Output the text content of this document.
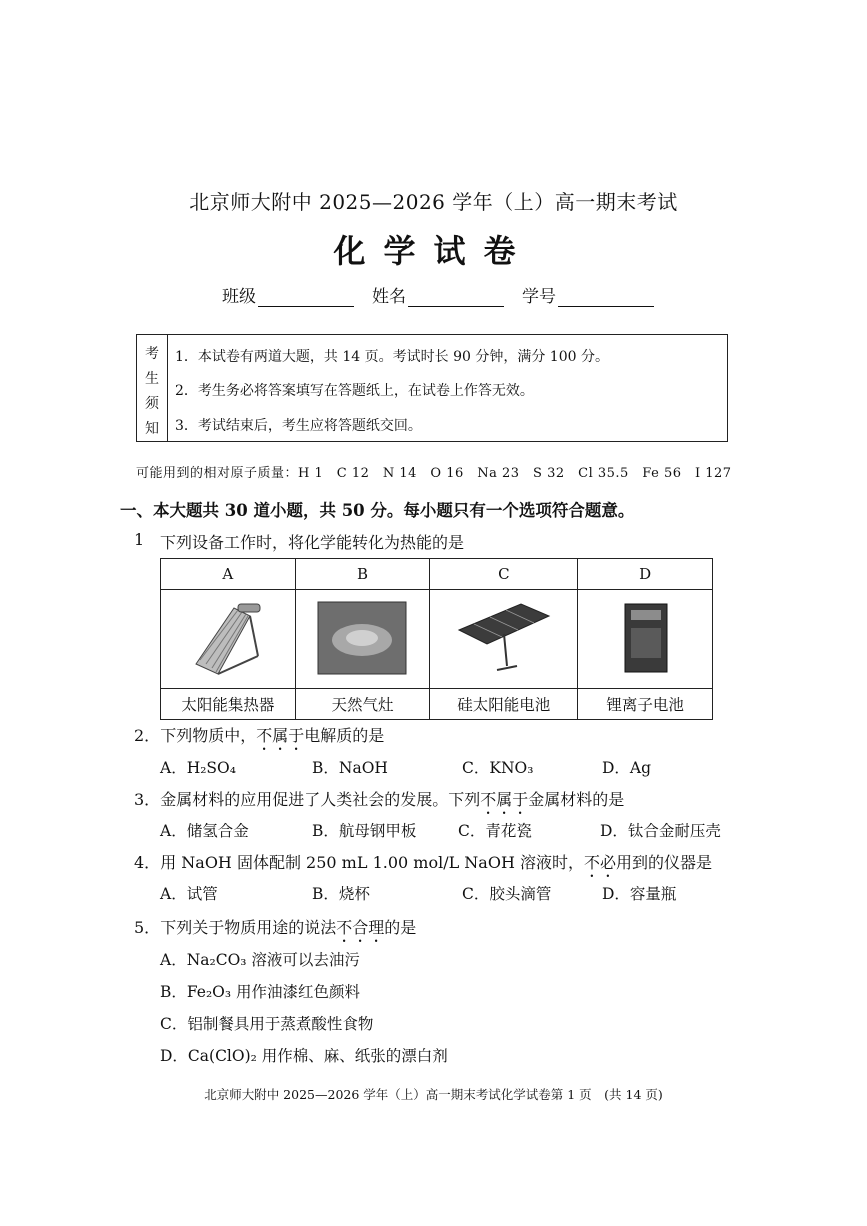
北京师大附中 2025—2026 学年（上）高一期末考试
化学试卷
班级	姓名	学号
考
生
须
知
1．本试卷有两道大题，共 14 页。考试时长 90 分钟，满分 100 分。
2．考生务必将答案填写在答题纸上，在试卷上作答无效。
3．考试结束后，考生应将答题纸交回。
可能用到的相对原子质量：H 1　C 12　N 14　O 16　Na 23　S 32　Cl 35.5　Fe 56　I 127
一、本大题共 30 道小题，共 50 分。每小题只有一个选项符合题意。
1 下列设备工作时，将化学能转化为热能的是
A	B	C	D

太阳能集热器	天然气灶	硅太阳能电池	锂离子电池
2．下列物质中，不属于电解质的是
A．H₂SO₄	B．NaOH	C．KNO₃	D．Ag
3．金属材料的应用促进了人类社会的发展。下列不属于金属材料的是
A．储氢合金	B．航母钢甲板	C．青花瓷	D．钛合金耐压壳
4．用 NaOH 固体配制 250 mL 1.00 mol/L NaOH 溶液时，不必用到的仪器是
A．试管	B．烧杯	C．胶头滴管	D．容量瓶
5．下列关于物质用途的说法不合理的是
A．Na₂CO₃ 溶液可以去油污
B．Fe₂O₃ 用作油漆红色颜料
C．铝制餐具用于蒸煮酸性食物
D．Ca(ClO)₂ 用作棉、麻、纸张的漂白剂
北京师大附中 2025—2026 学年（上）高一期末考试化学试卷第 1 页　(共 14 页)
